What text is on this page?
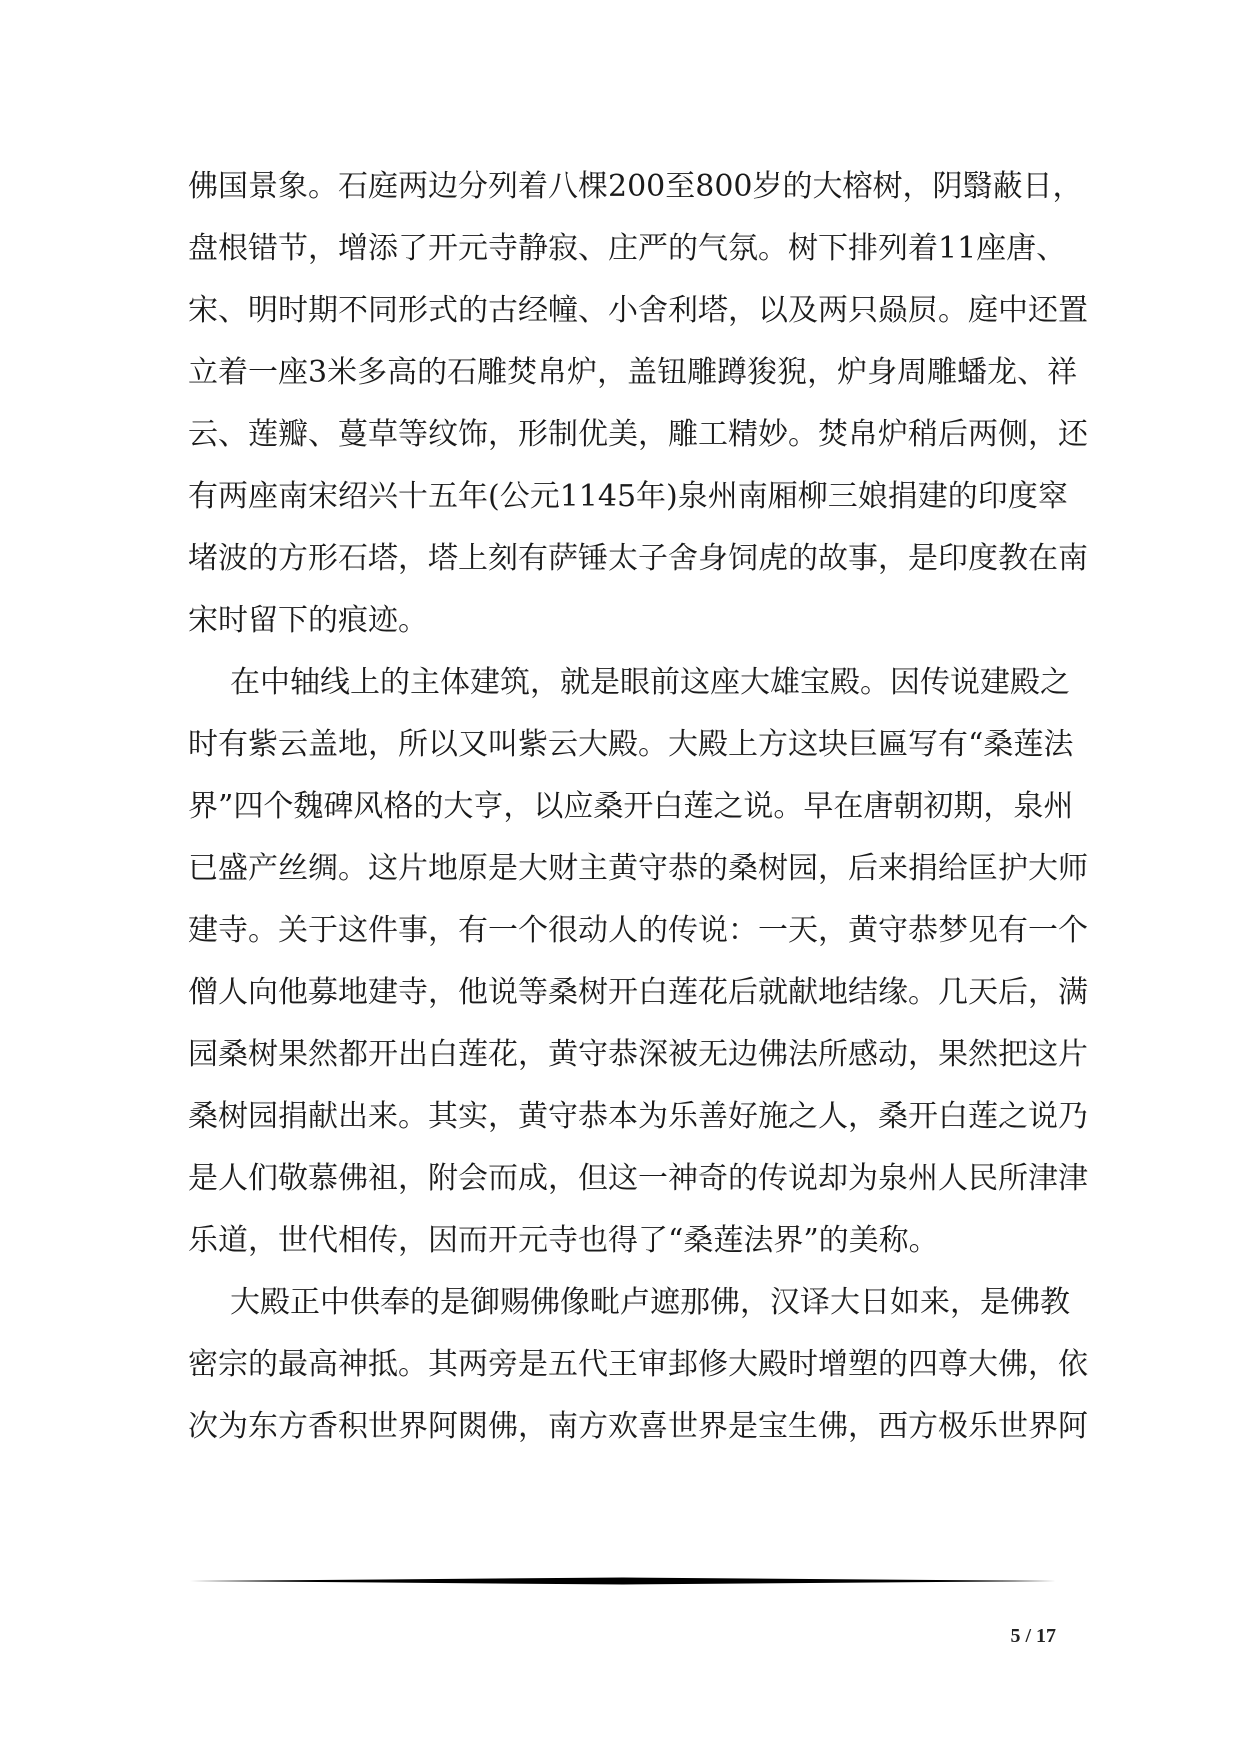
佛国景象。石庭两边分列着八棵200至800岁的大榕树，阴翳蔽日，
盘根错节，增添了开元寺静寂、庄严的气氛。树下排列着11座唐、
宋、明时期不同形式的古经幢、小舍利塔，以及两只赑屃。庭中还置
立着一座3米多高的石雕焚帛炉，盖钮雕蹲狻猊，炉身周雕蟠龙、祥
云、莲瓣、蔓草等纹饰，形制优美，雕工精妙。焚帛炉稍后两侧，还
有两座南宋绍兴十五年(公元1145年)泉州南厢柳三娘捐建的印度窣
堵波的方形石塔，塔上刻有萨锤太子舍身饲虎的故事，是印度教在南
宋时留下的痕迹。
在中轴线上的主体建筑，就是眼前这座大雄宝殿。因传说建殿之
时有紫云盖地，所以又叫紫云大殿。大殿上方这块巨匾写有“桑莲法
界”四个魏碑风格的大亨，以应桑开白莲之说。早在唐朝初期，泉州
已盛产丝绸。这片地原是大财主黄守恭的桑树园，后来捐给匡护大师
建寺。关于这件事，有一个很动人的传说：一天，黄守恭梦见有一个
僧人向他募地建寺，他说等桑树开白莲花后就献地结缘。几天后，满
园桑树果然都开出白莲花，黄守恭深被无边佛法所感动，果然把这片
桑树园捐献出来。其实，黄守恭本为乐善好施之人，桑开白莲之说乃
是人们敬慕佛祖，附会而成，但这一神奇的传说却为泉州人民所津津
乐道，世代相传，因而开元寺也得了“桑莲法界”的美称。
大殿正中供奉的是御赐佛像毗卢遮那佛，汉译大日如来，是佛教
密宗的最高神抵。其两旁是五代王审邽修大殿时增塑的四尊大佛，依
次为东方香积世界阿閦佛，南方欢喜世界是宝生佛，西方极乐世界阿
5 / 17
